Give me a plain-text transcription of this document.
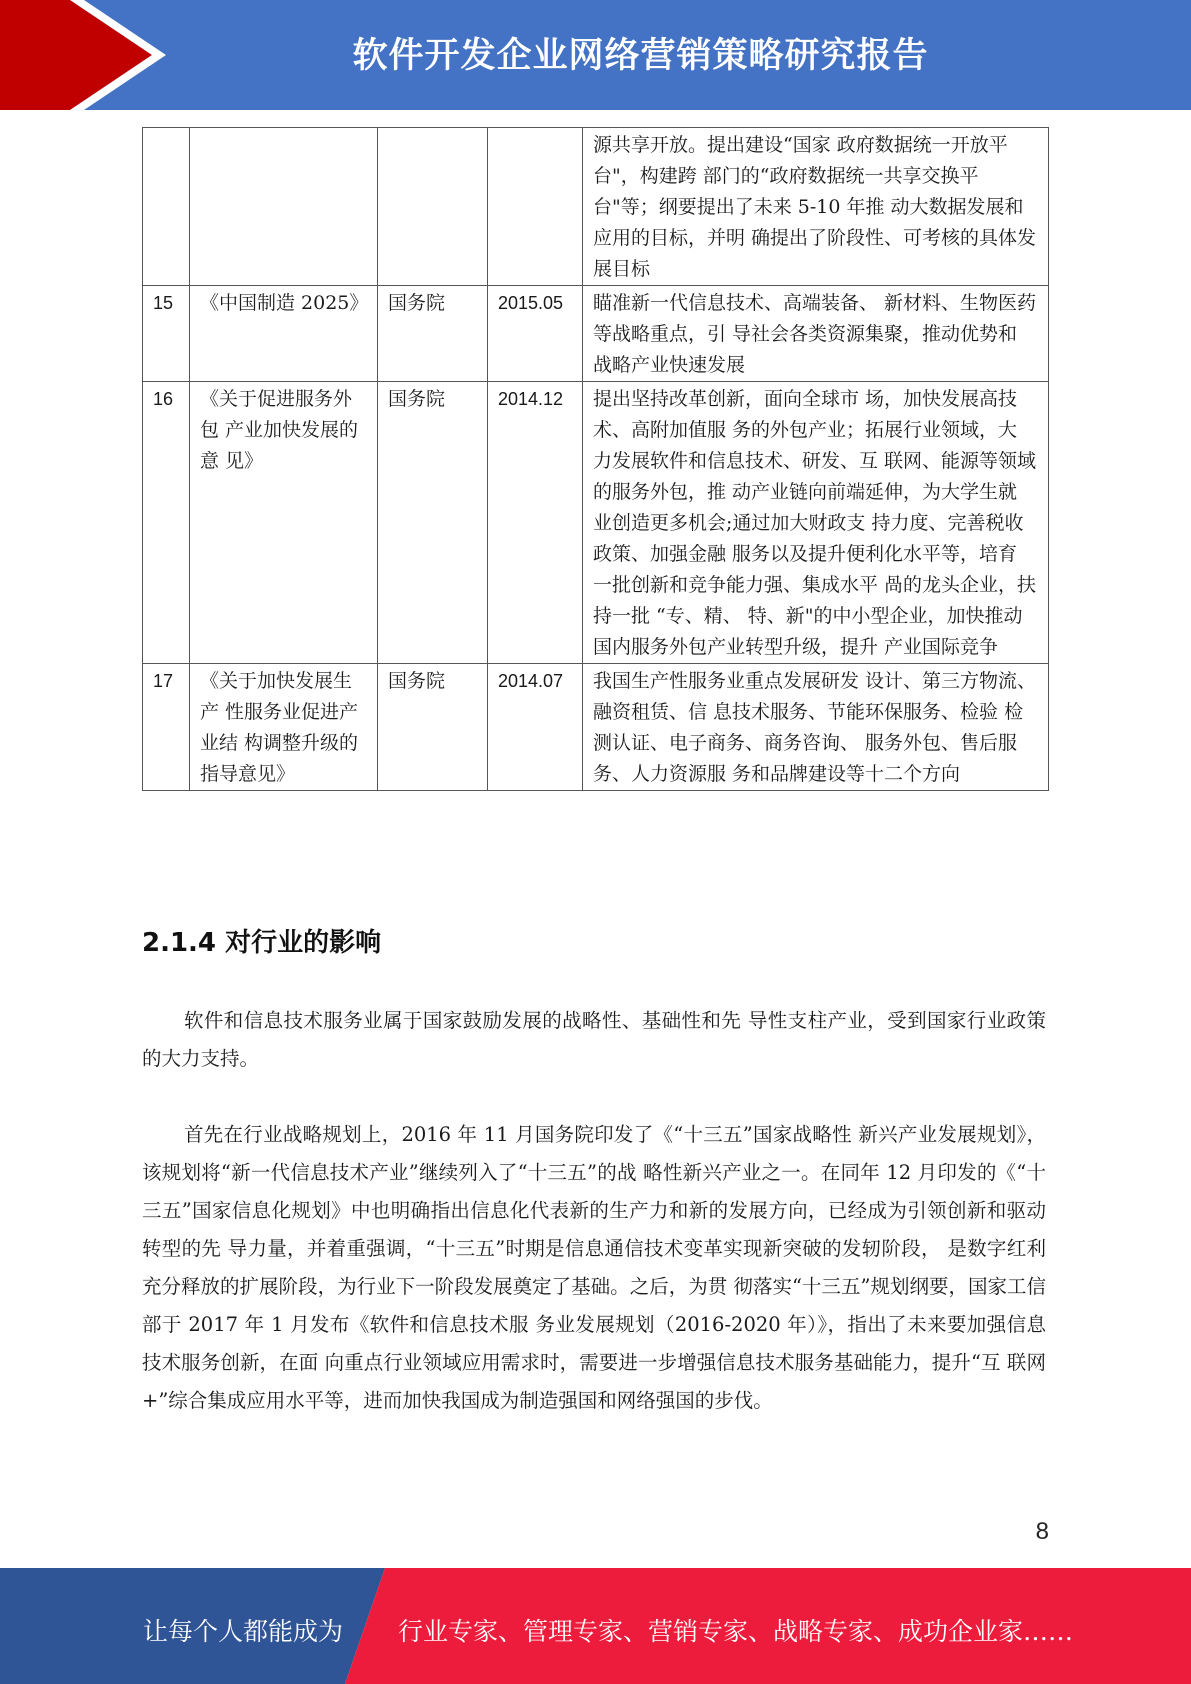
软件开发企业网络营销策略研究报告
				源共享开放。提出建设“国家 政府数据统一开放平台"，构建跨 部门的“政府数据统一共享交换平 台"等；纲要提出了未来 5-10 年推 动大数据发展和应用的目标，并明 确提出了阶段性、可考核的具体发展目标
15	《中国制造 2025》	国务院	2015.05	瞄准新一代信息技术、高端装备、 新材料、生物医药等战略重点，引 导社会各类资源集聚，推动优势和 战略产业快速发展
16	《关于促进服务外包 产业加快发展的意 见》	国务院	2014.12	提出坚持改革创新，面向全球市 场，加快发展高技术、高附加值服 务的外包产业；拓展行业领域，大 力发展软件和信息技术、研发、互 联网、能源等领域的服务外包，推 动产业链向前端延伸，为大学生就 业创造更多机会;通过加大财政支 持力度、完善税收政策、加强金融 服务以及提升便利化水平等，培育 一批创新和竞争能力强、集成水平 咼的龙头企业，扶持一批 “专、精、 特、新"的中小型企业，加快推动国内服务外包产业转型升级，提升 产业国际竞争
17	《关于加快发展生产 性服务业促进产业结 构调整升级的指导意见》	国务院	2014.07	我国生产性服务业重点发展研发 设计、第三方物流、融资租赁、信 息技术服务、节能环保服务、检验 检测认证、电子商务、商务咨询、 服务外包、售后服务、人力资源服 务和品牌建设等十二个方向
2.1.4 对行业的影响

软件和信息技术服务业属于国家鼓励发展的战略性、基础性和先 导性支柱产业，受到国家行业政策的大力支持。

首先在行业战略规划上，2016 年 11 月国务院印发了《“十三五”国家战略性 新兴产业发展规划》，该规划将“新一代信息技术产业”继续列入了“十三五”的战 略性新兴产业之一。在同年 12 月印发的《“十三五”国家信息化规划》中也明确指出信息化代表新的生产力和新的发展方向，已经成为引领创新和驱动转型的先 导力量，并着重强调，“十三五”时期是信息通信技术变革实现新突破的发轫阶段， 是数字红利充分释放的扩展阶段，为行业下一阶段发展奠定了基础。之后，为贯 彻落实“十三五”规划纲要，国家工信部于 2017 年 1 月发布《软件和信息技术服 务业发展规划（2016-2020 年）》，指出了未来要加强信息技术服务创新，在面 向重点行业领域应用需求时，需要进一步增强信息技术服务基础能力，提升“互 联网+”综合集成应用水平等，进而加快我国成为制造强国和网络强国的步伐。

8
让每个人都能成为 行业专家、管理专家、营销专家、战略专家、成功企业家……
